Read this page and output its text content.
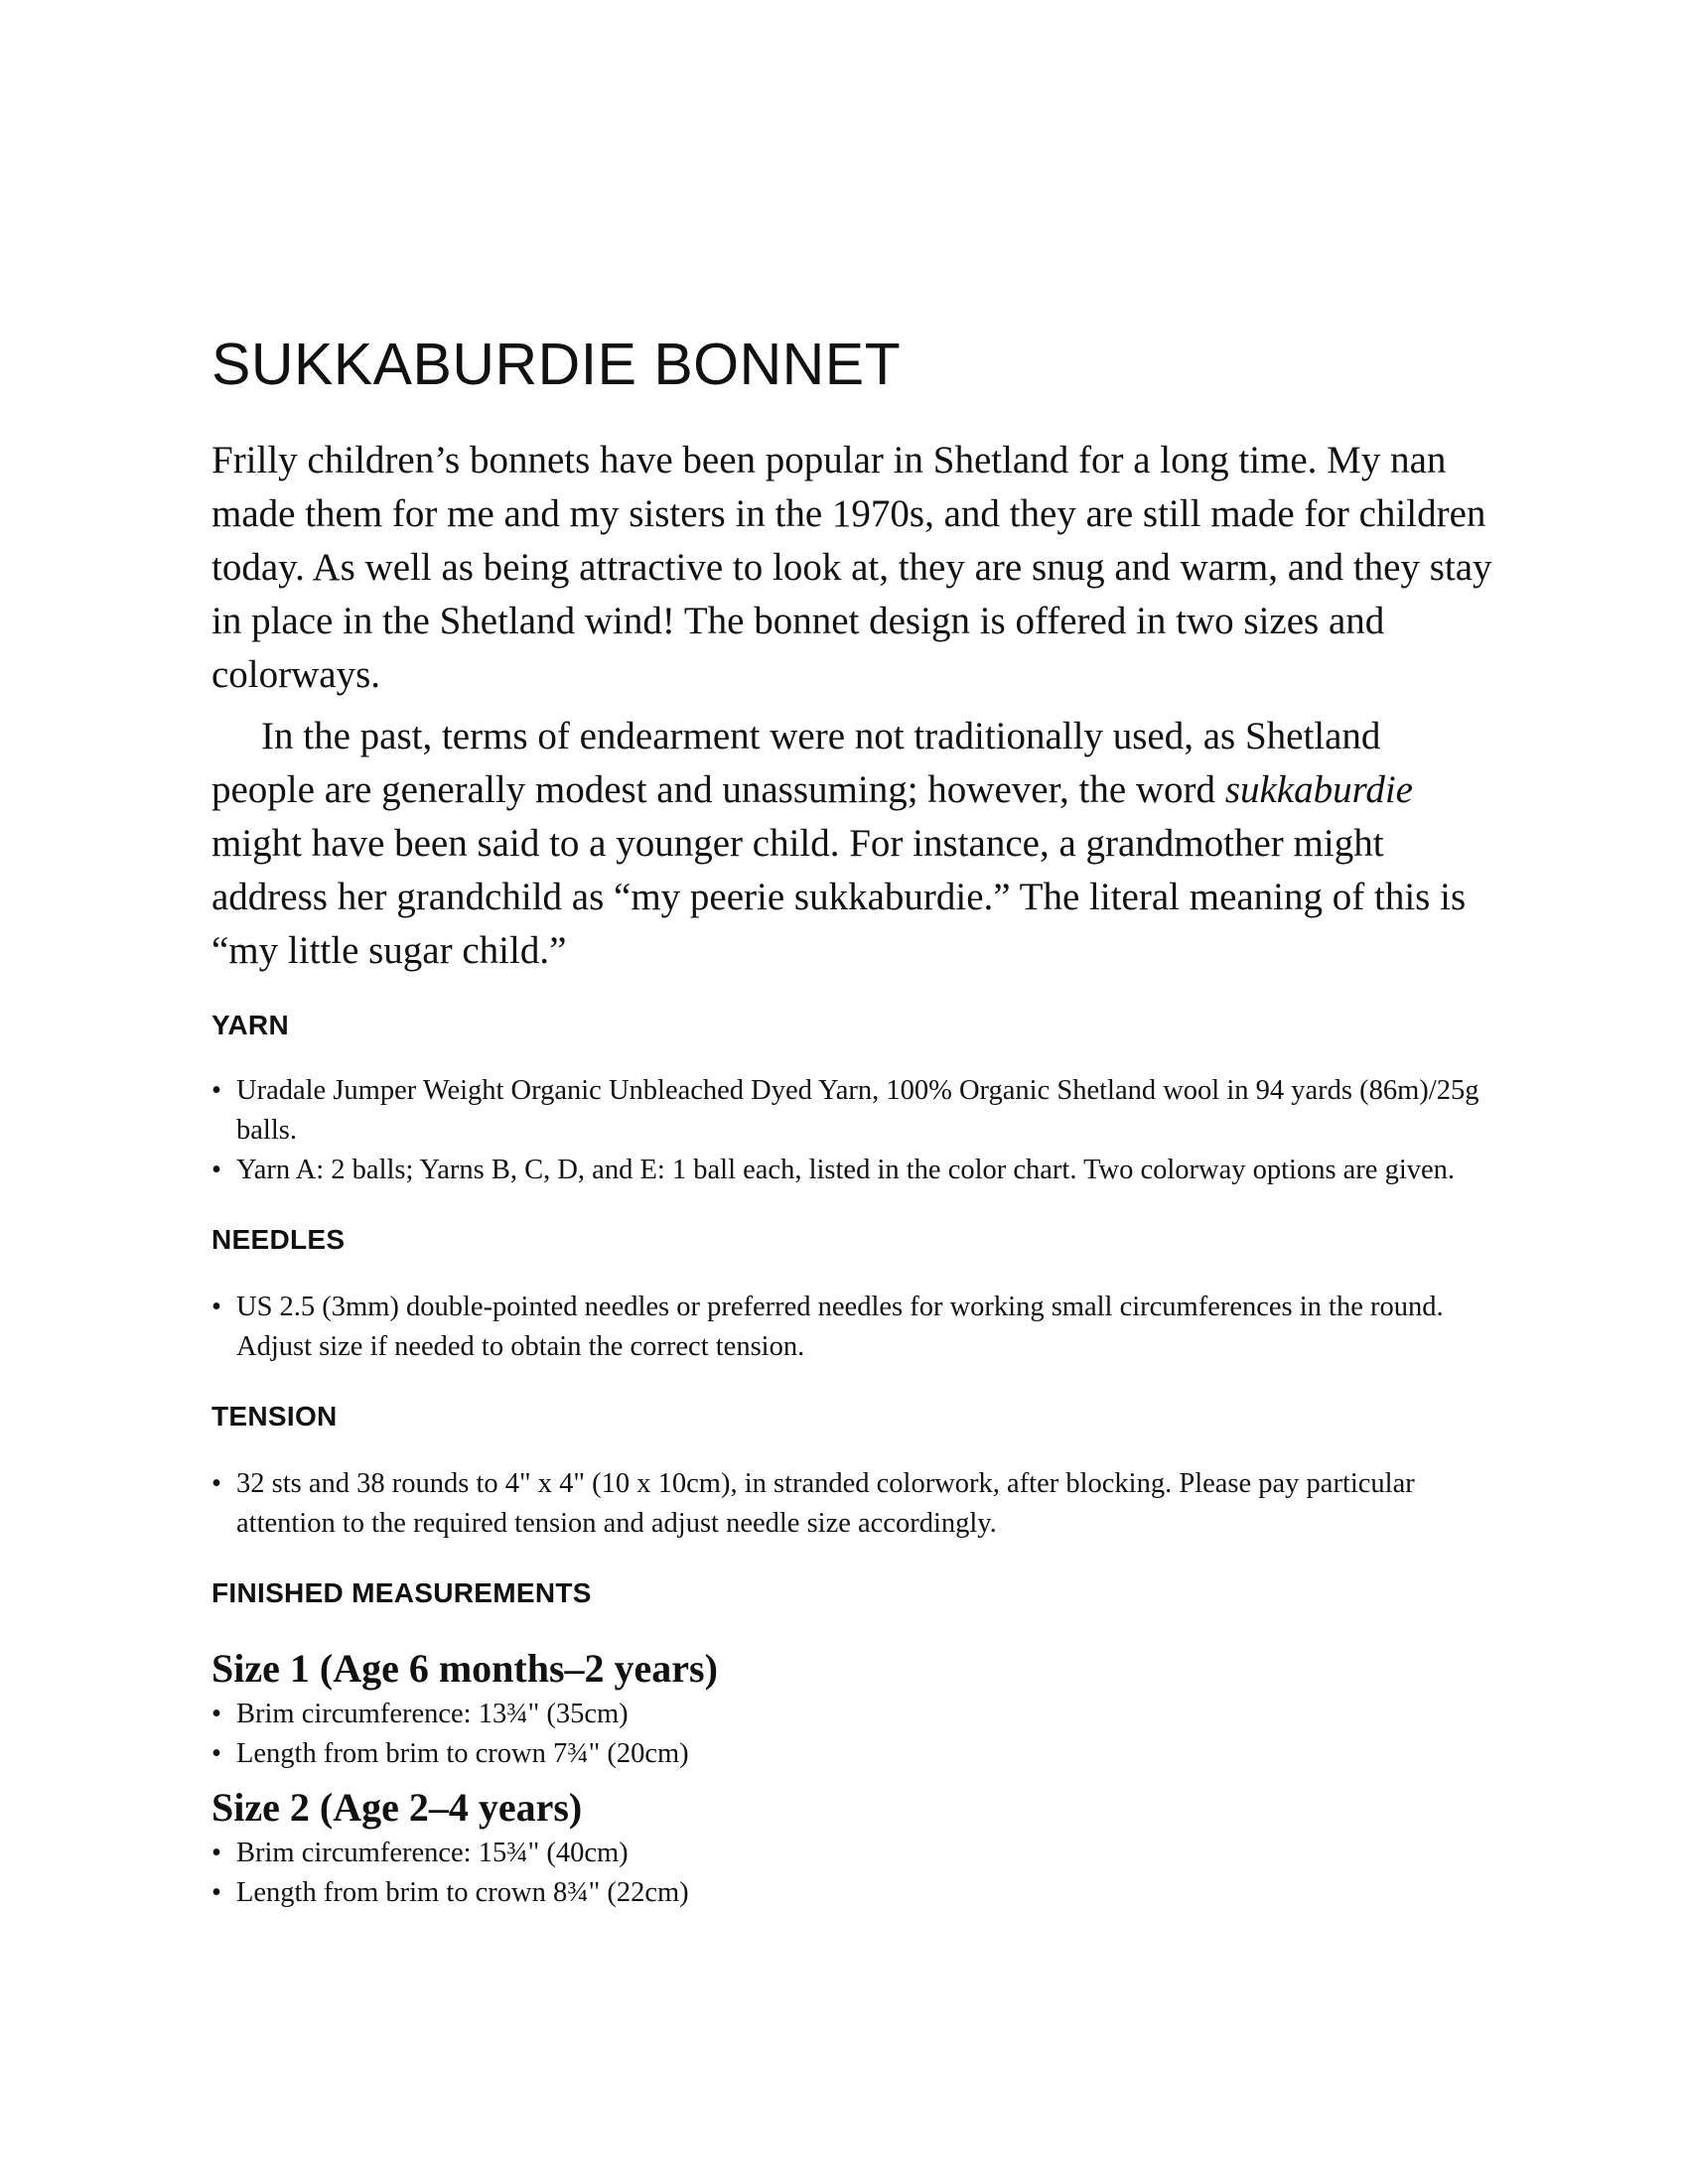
SUKKABURDIE BONNET

Frilly children’s bonnets have been popular in Shetland for a long time. My nan made them for me and my sisters in the 1970s, and they are still made for children today. As well as being attractive to look at, they are snug and warm, and they stay in place in the Shetland wind! The bonnet design is offered in two sizes and colorways.

In the past, terms of endearment were not traditionally used, as Shetland people are generally modest and unassuming; however, the word sukkaburdie might have been said to a younger child. For instance, a grandmother might address her grandchild as “my peerie sukkaburdie.” The literal meaning of this is “my little sugar child.”

YARN
• Uradale Jumper Weight Organic Unbleached Dyed Yarn, 100% Organic Shetland wool in 94 yards (86m)/25g balls.
• Yarn A: 2 balls; Yarns B, C, D, and E: 1 ball each, listed in the color chart. Two colorway options are given.
NEEDLES
• US 2.5 (3mm) double-pointed needles or preferred needles for working small circumferences in the round. Adjust size if needed to obtain the correct tension.
TENSION
• 32 sts and 38 rounds to 4" x 4" (10 x 10cm), in stranded colorwork, after blocking. Please pay particular attention to the required tension and adjust needle size accordingly.
FINISHED MEASUREMENTS
Size 1 (Age 6 months–2 years)
• Brim circumference: 13¾" (35cm)
• Length from brim to crown 7¾" (20cm)
Size 2 (Age 2–4 years)
• Brim circumference: 15¾" (40cm)
• Length from brim to crown 8¾" (22cm)
